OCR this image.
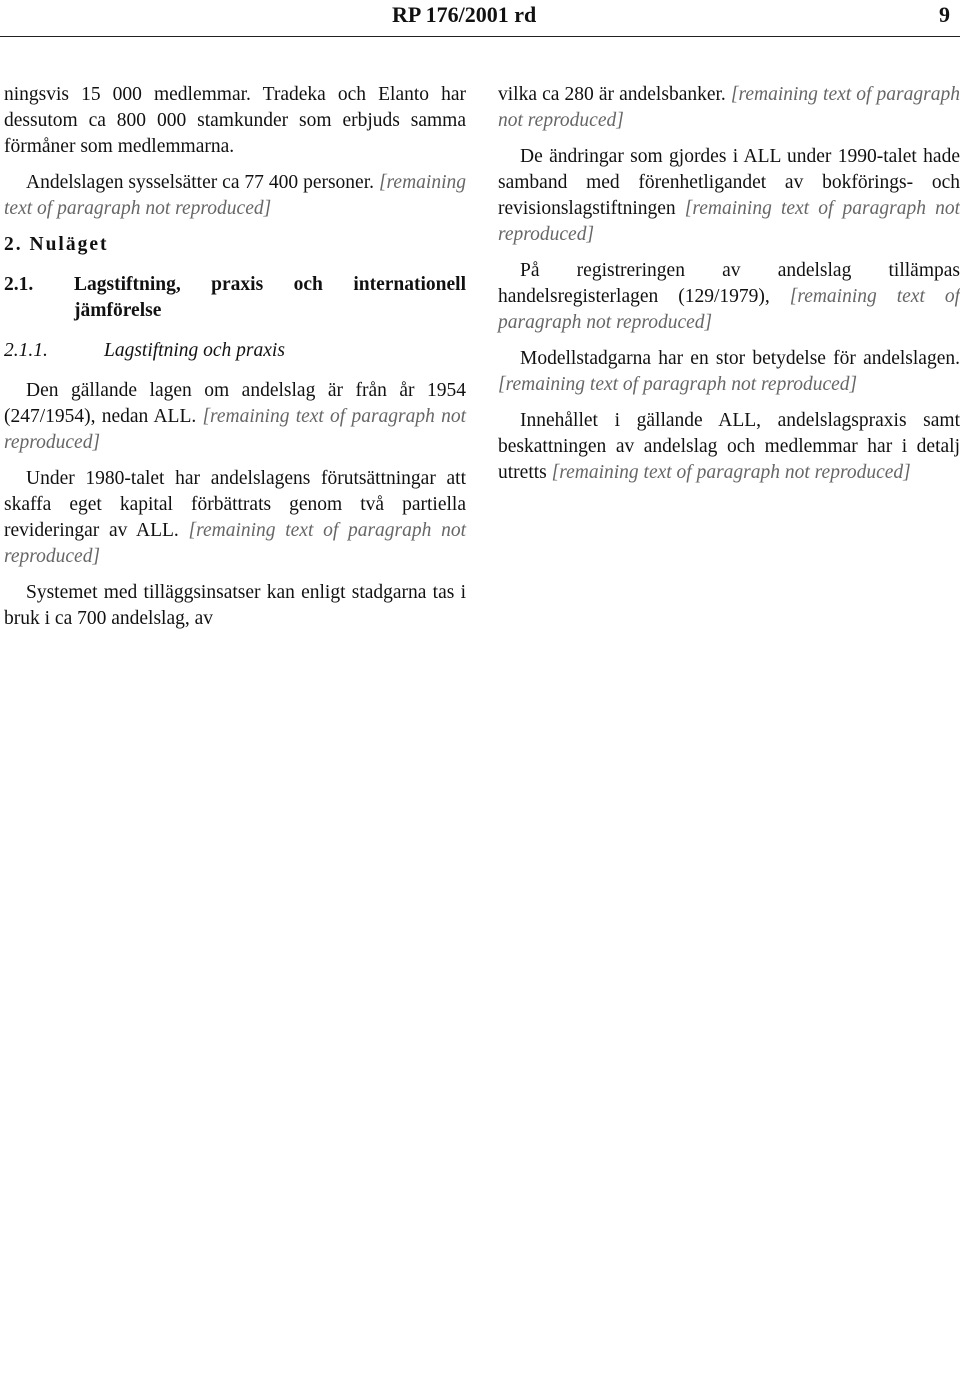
RP 176/2001 rd	9

ningsvis 15 000 medlemmar. Tradeka och Elanto har dessutom ca 800 000 stamkunder som erbjuds samma förmåner som medlemmarna.

Andelslagen sysselsätter ca 77 400 personer. [remaining text of paragraph not reproduced]

2. Nuläget
2.1.	Lagstiftning, praxis och internationell jämförelse
2.1.1.	Lagstiftning och praxis

Den gällande lagen om andelslag är från år 1954 (247/1954), nedan ALL. [remaining text of paragraph not reproduced]

Under 1980-talet har andelslagens förutsättningar att skaffa eget kapital förbättrats genom två partiella revideringar av ALL. [remaining text of paragraph not reproduced]

Systemet med tilläggsinsatser kan enligt stadgarna tas i bruk i ca 700 andelslag, av

vilka ca 280 är andelsbanker. [remaining text of paragraph not reproduced]

De ändringar som gjordes i ALL under 1990-talet hade samband med förenhetligandet av bokförings- och revisionslagstiftningen [remaining text of paragraph not reproduced]

På registreringen av andelslag tillämpas handelsregisterlagen (129/1979), [remaining text of paragraph not reproduced]

Modellstadgarna har en stor betydelse för andelslagen. [remaining text of paragraph not reproduced]

Innehållet i gällande ALL, andelslagspraxis samt beskattningen av andelslag och medlemmar har i detalj utretts [remaining text of paragraph not reproduced]
